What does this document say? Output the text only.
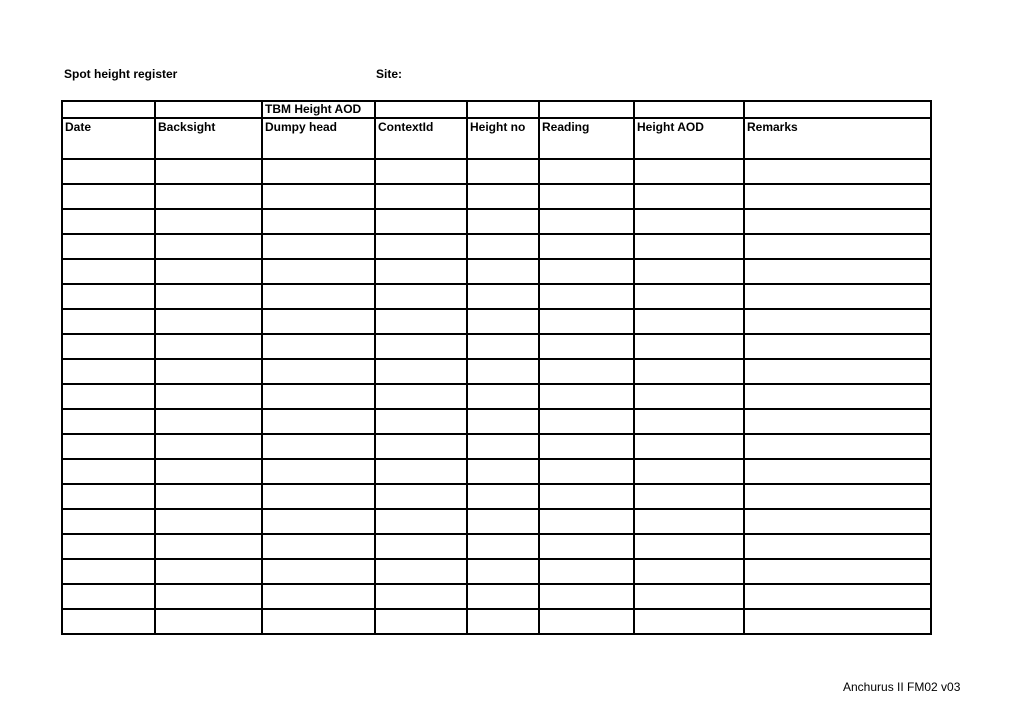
Spot height register	Site:
		TBM Height AOD					
Date	Backsight	Dumpy head	ContextId	Height no	Reading	Height AOD	Remarks

Anchurus II FM02 v03
